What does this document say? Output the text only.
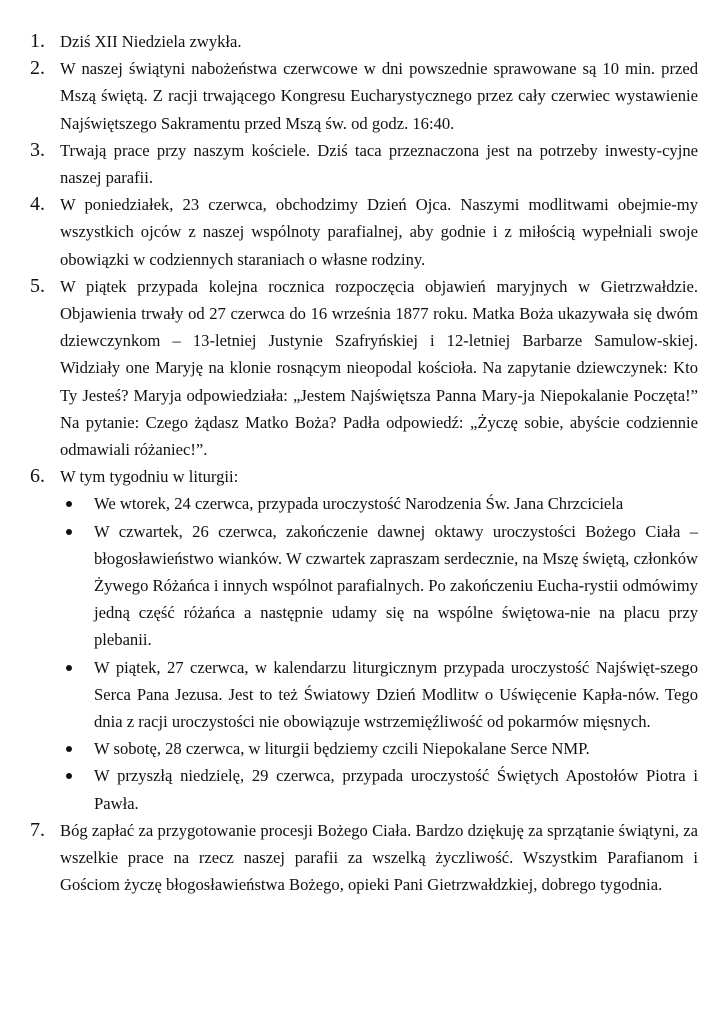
1. Dziś XII Niedziela zwykła.
2. W naszej świątyni nabożeństwa czerwcowe w dni powszednie sprawowane są 10 min. przed Mszą świętą. Z racji trwającego Kongresu Eucharystycznego przez cały czerwiec wystawienie Najświętszego Sakramentu przed Mszą św. od godz. 16:40.
3. Trwają prace przy naszym kościele. Dziś taca przeznaczona jest na potrzeby inwesty-cyjne naszej parafii.
4. W poniedziałek, 23 czerwca, obchodzimy Dzień Ojca. Naszymi modlitwami obejmie-my wszystkich ojców z naszej wspólnoty parafialnej, aby godnie i z miłością wypełniali swoje obowiązki w codziennych staraniach o własne rodziny.
5. W piątek przypada kolejna rocznica rozpoczęcia objawień maryjnych w Gietrzwałdzie. Objawienia trwały od 27 czerwca do 16 września 1877 roku. Matka Boża ukazywała się dwóm dziewczynkom – 13-letniej Justynie Szafryńskiej i 12-letniej Barbarze Samulow-skiej. Widziały one Maryję na klonie rosnącym nieopodal kościoła. Na zapytanie dziewczynek: Kto Ty Jesteś? Maryja odpowiedziała: „Jestem Najświętsza Panna Mary-ja Niepokalanie Poczęta!” Na pytanie: Czego żądasz Matko Boża? Padła odpowiedź: „Życzę sobie, abyście codziennie odmawiali różaniec!”.
6. W tym tygodniu w liturgii:
We wtorek, 24 czerwca, przypada uroczystość Narodzenia Św. Jana Chrzciciela
W czwartek, 26 czerwca, zakończenie dawnej oktawy uroczystości Bożego Ciała – błogosławieństwo wianków. W czwartek zapraszam serdecznie, na Mszę świętą, członków Żywego Różańca i innych wspólnot parafialnych. Po zakończeniu Eucha-rystii odmówimy jedną część różańca a następnie udamy się na wspólne świętowa-nie na placu przy plebanii.
W piątek, 27 czerwca, w kalendarzu liturgicznym przypada uroczystość Najświęt-szego Serca Pana Jezusa. Jest to też Światowy Dzień Modlitw o Uświęcenie Kapła-nów. Tego dnia z racji uroczystości nie obowiązuje wstrzemięźliwość od pokarmów mięsnych.
W sobotę, 28 czerwca, w liturgii będziemy czcili Niepokalane Serce NMP.
W przyszłą niedzielę, 29 czerwca, przypada uroczystość Świętych Apostołów Piotra i Pawła.
7. Bóg zapłać za przygotowanie procesji Bożego Ciała. Bardzo dziękuję za sprzątanie świątyni, za wszelkie prace na rzecz naszej parafii za wszelką życzliwość. Wszystkim Parafianom i Gościom życzę błogosławieństwa Bożego, opieki Pani Gietrzwałdzkiej, dobrego tygodnia.
